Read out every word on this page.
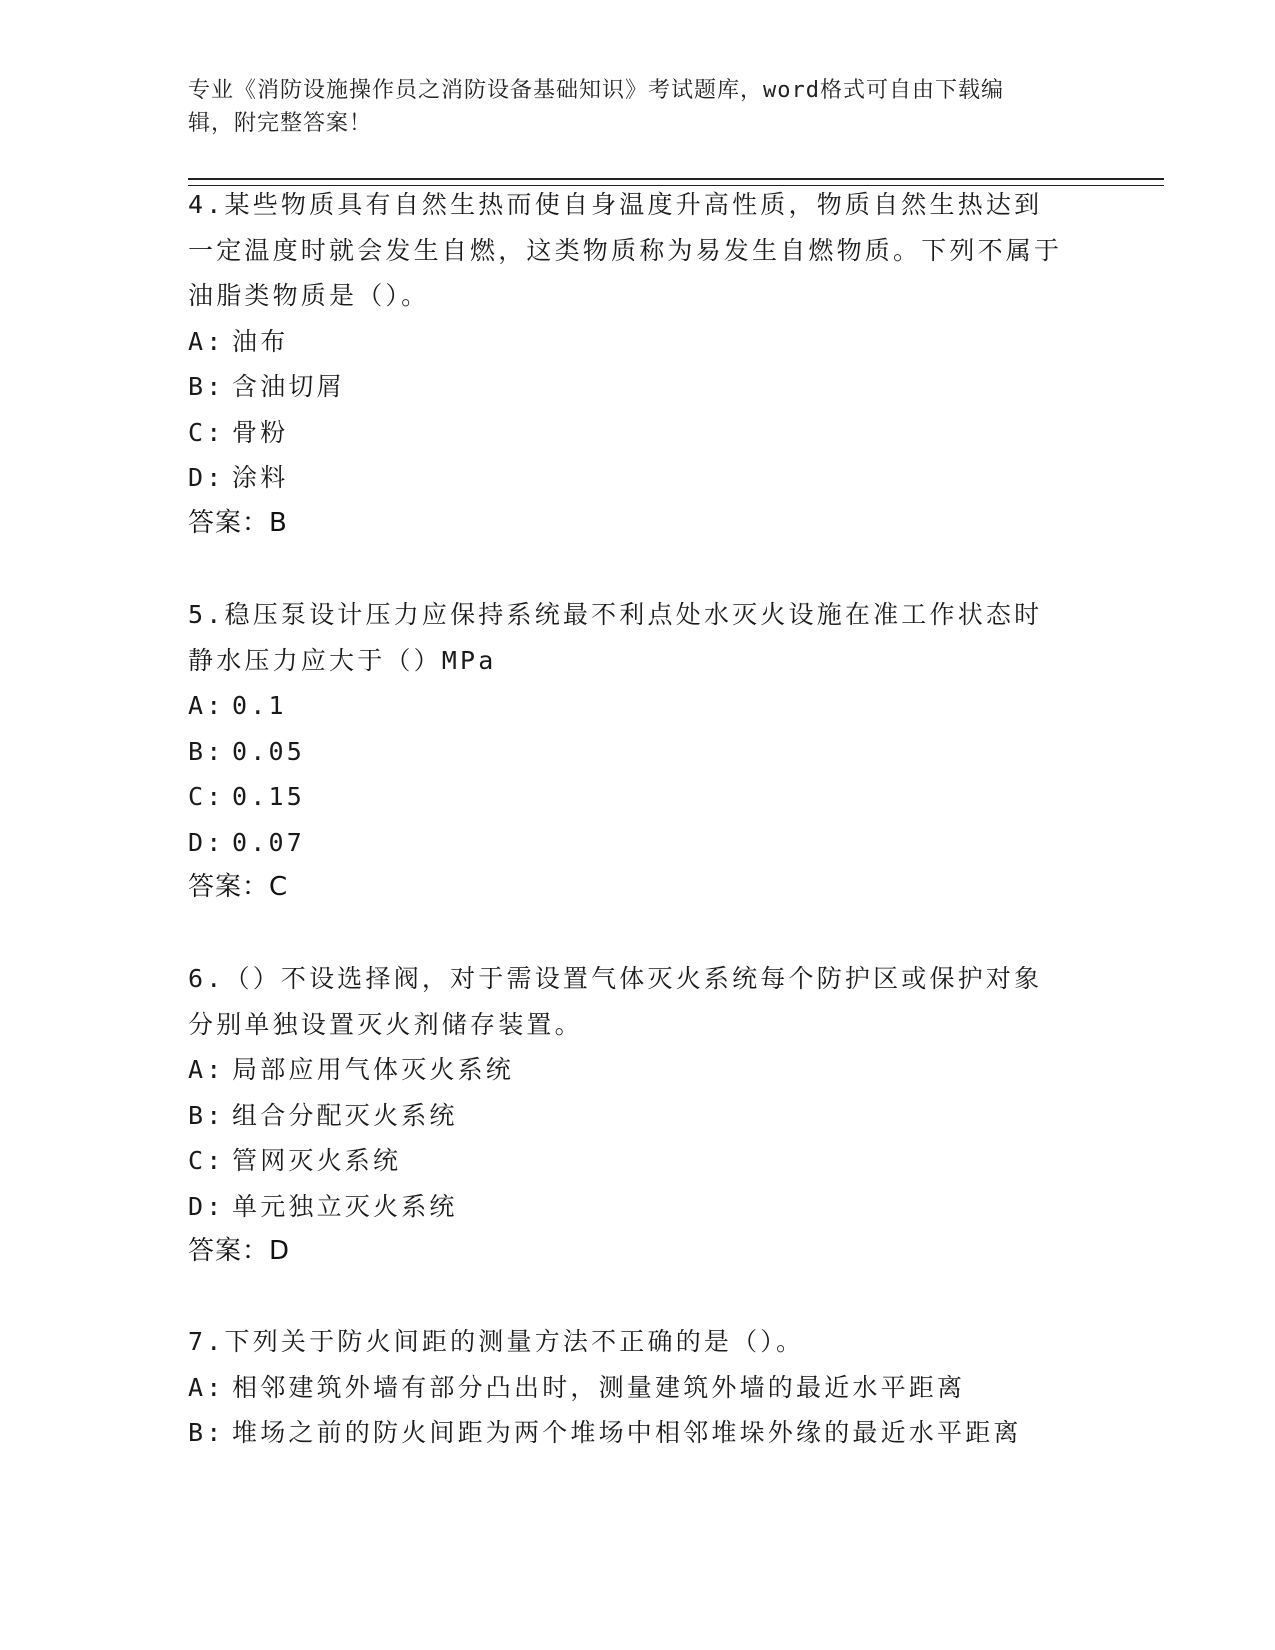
专业《消防设施操作员之消防设备基础知识》考试题库，word格式可自由下载编
辑，附完整答案！

4.某些物质具有自然生热而使自身温度升高性质，物质自然生热达到一定温度时就会发生自燃，这类物质称为易发生自燃物质。下列不属于油脂类物质是（）。

A: 油布

B: 含油切屑

C: 骨粉

D: 涂料

答案：B

5.稳压泵设计压力应保持系统最不利点处水灭火设施在准工作状态时静水压力应大于（）MPa

A: 0.1

B: 0.05

C: 0.15

D: 0.07

答案：C

6.（）不设选择阀，对于需设置气体灭火系统每个防护区或保护对象分别单独设置灭火剂储存装置。

A: 局部应用气体灭火系统

B: 组合分配灭火系统

C: 管网灭火系统

D: 单元独立灭火系统

答案：D

7.下列关于防火间距的测量方法不正确的是（）。

A: 相邻建筑外墙有部分凸出时，测量建筑外墙的最近水平距离

B: 堆场之前的防火间距为两个堆场中相邻堆垛外缘的最近水平距离
